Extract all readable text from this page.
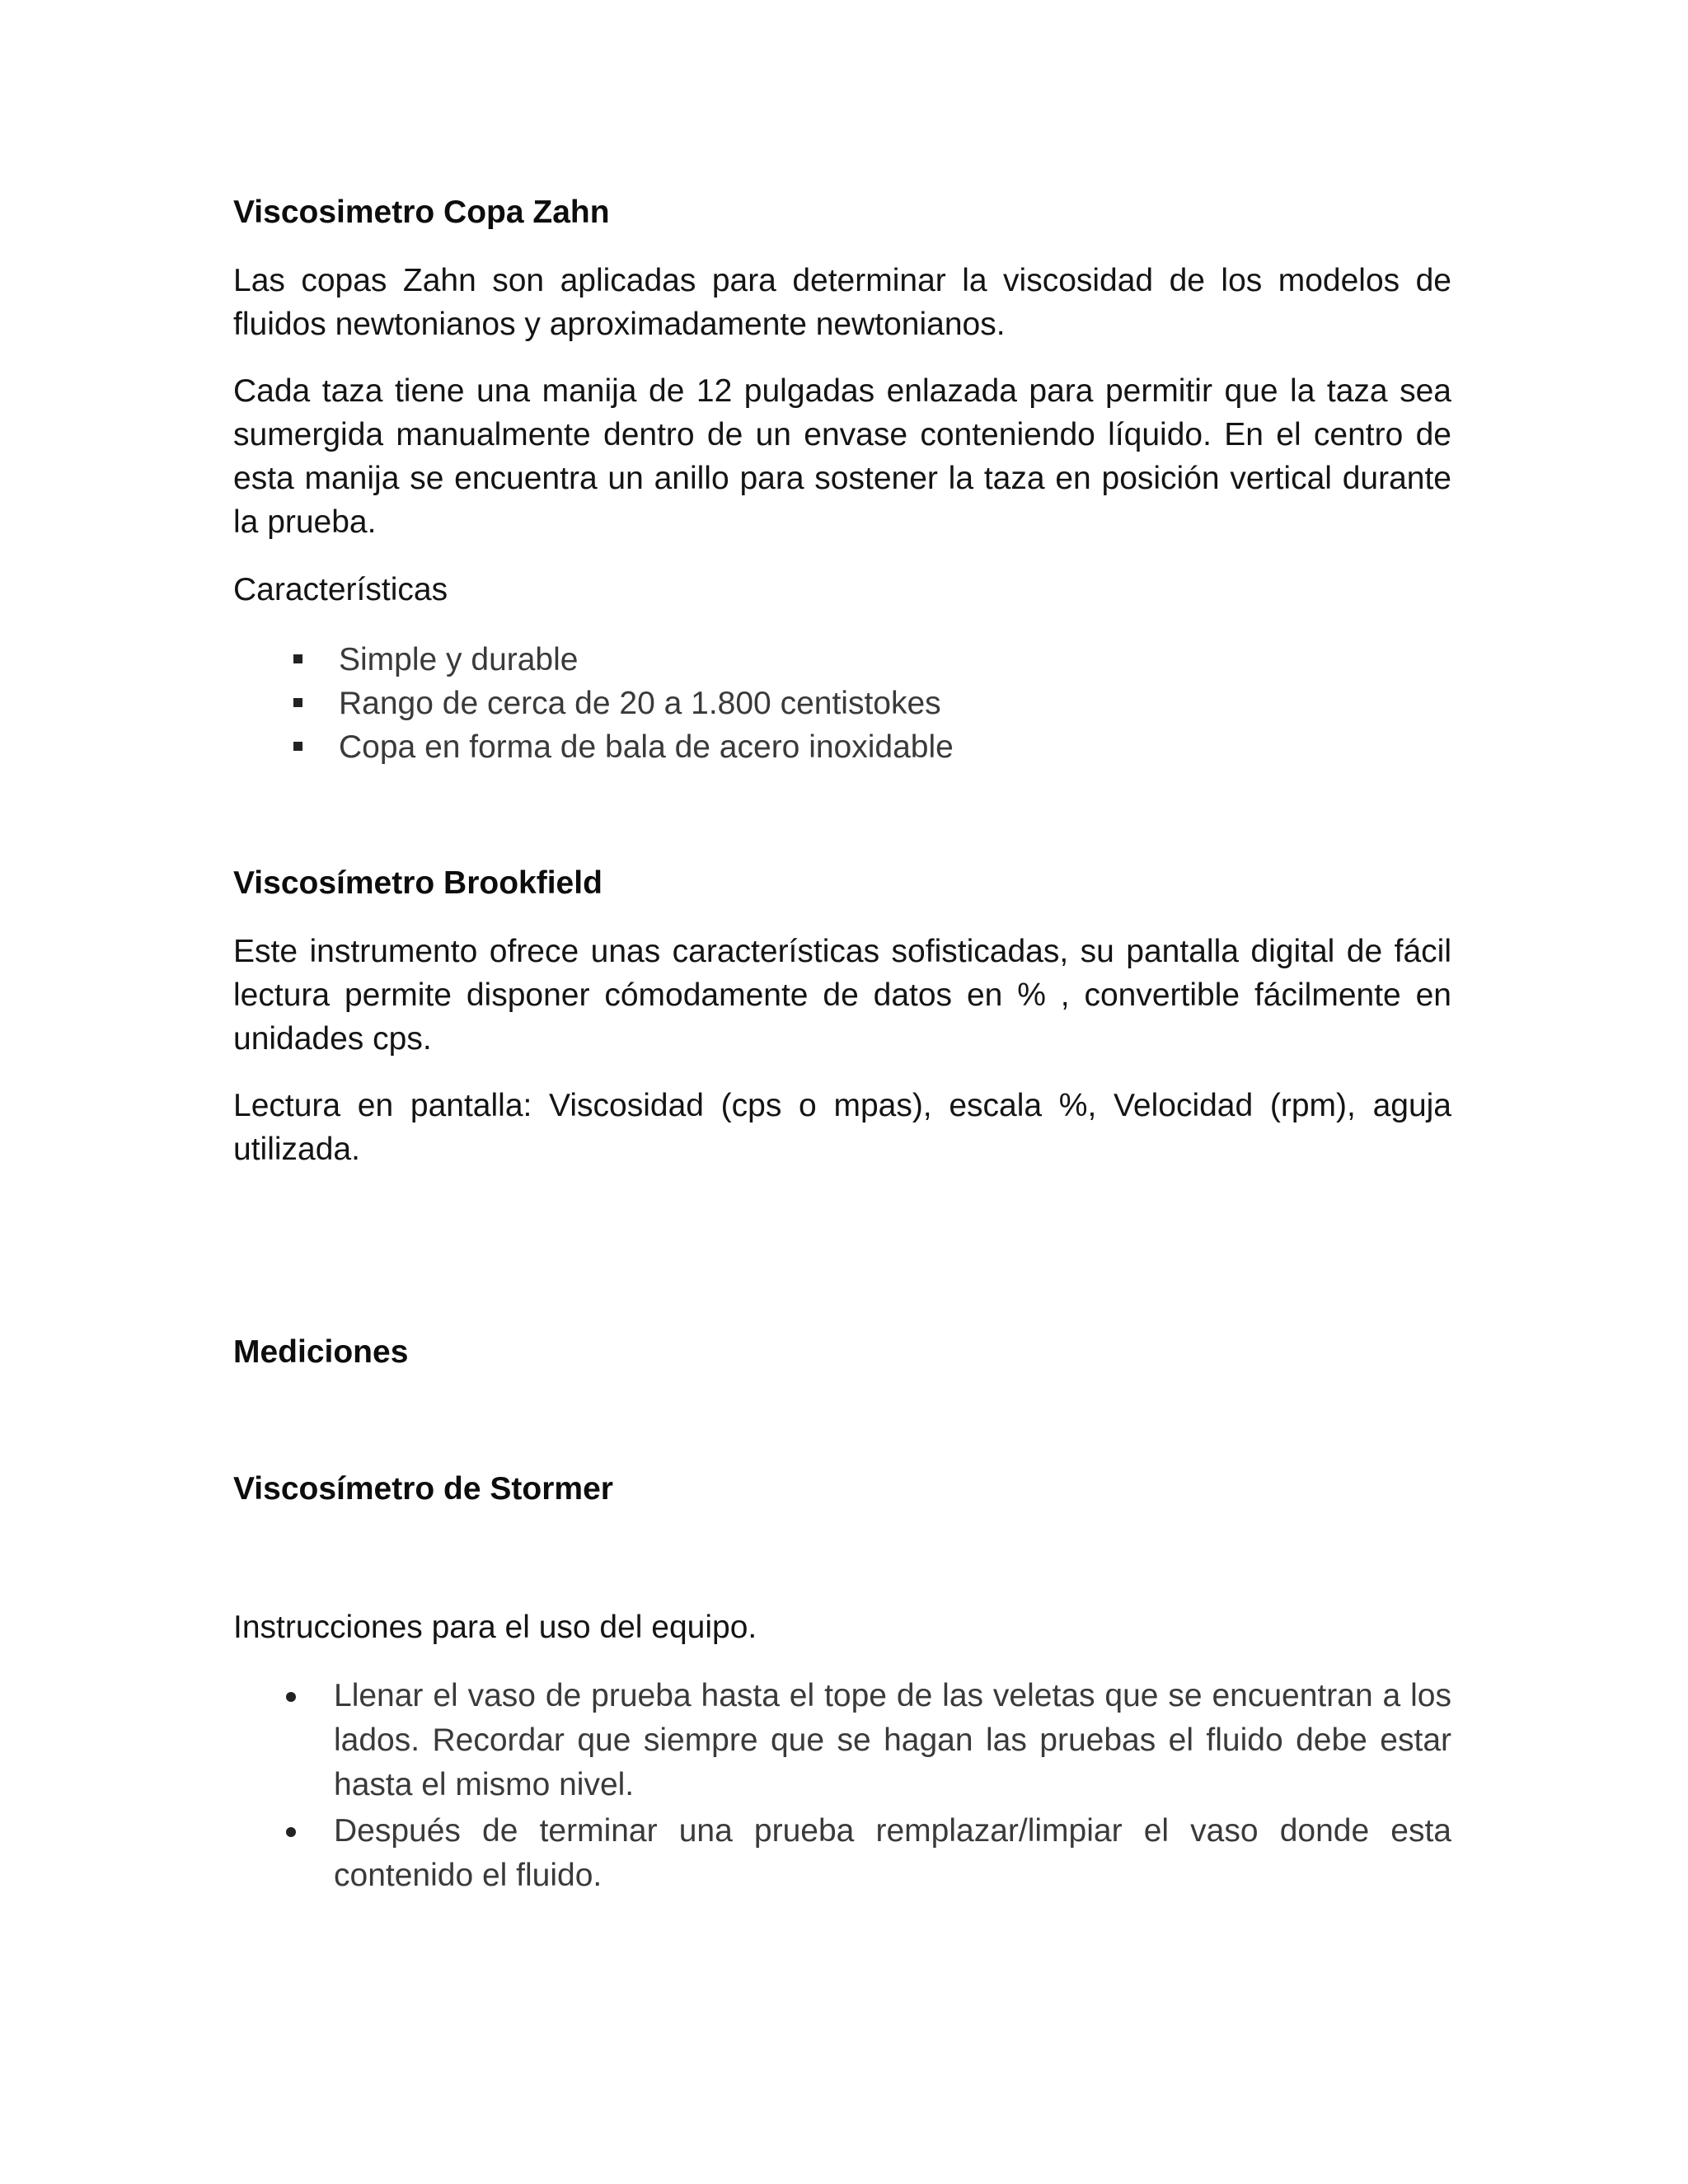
Viscosimetro Copa Zahn

Las copas Zahn son aplicadas para determinar la viscosidad de los modelos de fluidos newtonianos y aproximadamente newtonianos.

Cada taza tiene una manija de 12 pulgadas enlazada para permitir que la taza sea sumergida manualmente dentro de un envase conteniendo líquido. En el centro de esta manija se encuentra un anillo para sostener la taza en posición vertical durante la prueba.

Características

Simple y durable
Rango de cerca de 20 a 1.800 centistokes
Copa en forma de bala de acero inoxidable
Viscosímetro Brookfield

Este instrumento ofrece unas características sofisticadas, su pantalla digital de fácil lectura permite disponer cómodamente de datos en % , convertible fácilmente en unidades cps.

Lectura en pantalla: Viscosidad (cps o mpas), escala %, Velocidad (rpm), aguja utilizada.

Mediciones
Viscosímetro de Stormer

Instrucciones para el uso del equipo.

Llenar el vaso de prueba hasta el tope de las veletas que se encuentran a los lados. Recordar que siempre que se hagan las pruebas el fluido debe estar hasta el mismo nivel.
Después de terminar una prueba remplazar/limpiar el vaso donde esta contenido el fluido.
